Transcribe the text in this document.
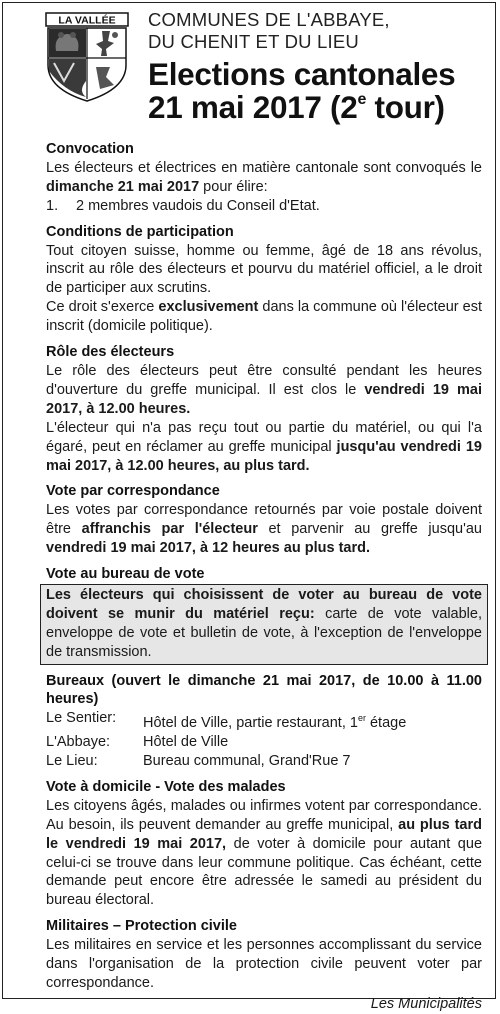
LA VALLÉE COMMUNES DE L'ABBAYE,
DU CHENIT ET DU LIEU
Elections cantonales
21 mai 2017 (2e tour)
Convocation

Les électeurs et électrices en matière cantonale sont convoqués le dimanche 21 mai 2017 pour élire:

1.	2 membres vaudois du Conseil d'Etat.
Conditions de participation

Tout citoyen suisse, homme ou femme, âgé de 18 ans révolus, inscrit au rôle des électeurs et pourvu du matériel officiel, a le droit de participer aux scrutins.

Ce droit s'exerce exclusivement dans la commune où l'électeur est inscrit (domicile politique).

Rôle des électeurs

Le rôle des électeurs peut être consulté pendant les heures d'ouverture du greffe municipal. Il est clos le vendredi 19 mai 2017, à 12.00 heures.

L'électeur qui n'a pas reçu tout ou partie du matériel, ou qui l'a égaré, peut en réclamer au greffe municipal jusqu'au vendredi 19 mai 2017, à 12.00 heures, au plus tard.

Vote par correspondance

Les votes par correspondance retournés par voie postale doivent être affranchis par l'électeur et parvenir au greffe jusqu'au vendredi 19 mai 2017, à 12 heures au plus tard.

Vote au bureau de vote
Les électeurs qui choisissent de voter au bureau de vote doivent se munir du matériel reçu: carte de vote valable, enveloppe de vote et bulletin de vote, à l'exception de l'enveloppe de transmission.
Bureaux (ouvert le dimanche 21 mai 2017, de 10.00 à 11.00 heures)
Le Sentier:	Hôtel de Ville, partie restaurant, 1er étage
L'Abbaye:	Hôtel de Ville
Le Lieu:	Bureau communal, Grand'Rue 7
Vote à domicile - Vote des malades

Les citoyens âgés, malades ou infirmes votent par correspondance. Au besoin, ils peuvent demander au greffe municipal, au plus tard le vendredi 19 mai 2017, de voter à domicile pour autant que celui-ci se trouve dans leur commune politique. Cas échéant, cette demande peut encore être adressée le samedi au président du bureau électoral.

Militaires – Protection civile

Les militaires en service et les personnes accomplissant du service dans l'organisation de la protection civile peuvent voter par correspondance.

Les Municipalités
